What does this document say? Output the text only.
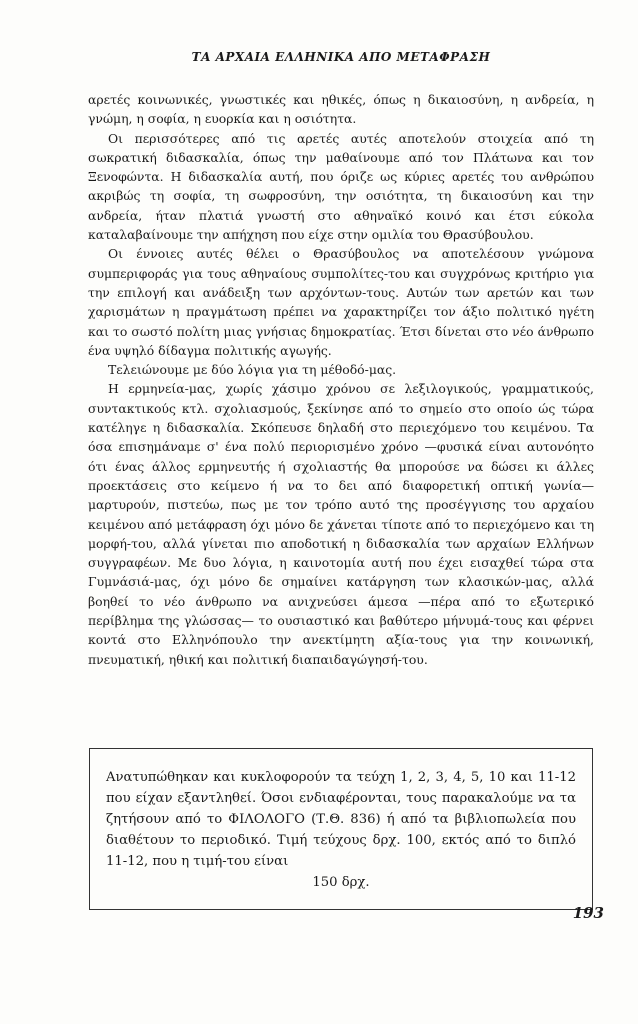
ΤΑ ΑΡΧΑΙΑ ΕΛΛΗΝΙΚΑ ΑΠΟ ΜΕΤΑΦΡΑΣΗ

αρετές κοινωνικές, γνωστικές και ηθικές, όπως η δικαιοσύνη, η ανδρεία, η γνώμη, η σοφία, η ευορκία και η οσιότητα.

Οι περισσότερες από τις αρετές αυτές αποτελούν στοιχεία από τη σωκρατική διδασκαλία, όπως την μαθαίνουμε από τον Πλάτωνα και τον Ξενοφώντα. Η διδασκαλία αυτή, που όριζε ως κύριες αρετές του ανθρώπου ακριβώς τη σοφία, τη σωφροσύνη, την οσιότητα, τη δικαιοσύνη και την ανδρεία, ήταν πλατιά γνωστή στο αθηναϊκό κοινό και έτσι εύκολα καταλαβαίνουμε την απήχηση που είχε στην ομιλία του Θρασύβουλου.

Οι έννοιες αυτές θέλει ο Θρασύβουλος να αποτελέσουν γνώμονα συμπεριφοράς για τους αθηναίους συμπολίτες-του και συγχρόνως κριτήριο για την επιλογή και ανάδειξη των αρχόντων-τους. Αυτών των αρετών και των χαρισμάτων η πραγμάτωση πρέπει να χαρακτηρίζει τον άξιο πολιτικό ηγέτη και το σωστό πολίτη μιας γνήσιας δημοκρατίας. Έτσι δίνεται στο νέο άνθρωπο ένα υψηλό δίδαγμα πολιτικής αγωγής.

Τελειώνουμε με δύο λόγια για τη μέθοδό-μας.

Η ερμηνεία-μας, χωρίς χάσιμο χρόνου σε λεξιλογικούς, γραμματικούς, συντακτικούς κτλ. σχολιασμούς, ξεκίνησε από το σημείο στο οποίο ώς τώρα κατέληγε η διδασκαλία. Σκόπευσε δηλαδή στο περιεχόμενο του κειμένου. Τα όσα επισημάναμε σ' ένα πολύ περιορισμένο χρόνο —φυσικά είναι αυτονόητο ότι ένας άλλος ερμηνευτής ή σχολιαστής θα μπορούσε να δώσει κι άλλες προεκτάσεις στο κείμενο ή να το δει από διαφορετική οπτική γωνία— μαρτυρούν, πιστεύω, πως με τον τρόπο αυτό της προσέγγισης του αρχαίου κειμένου από μετάφραση όχι μόνο δε χάνεται τίποτε από το περιεχόμενο και τη μορφή-του, αλλά γίνεται πιο αποδοτική η διδασκαλία των αρχαίων Ελλήνων συγγραφέων. Με δυο λόγια, η καινοτομία αυτή που έχει εισαχθεί τώρα στα Γυμνάσιά-μας, όχι μόνο δε σημαίνει κατάργηση των κλασικών-μας, αλλά βοηθεί το νέο άνθρωπο να ανιχνεύσει άμεσα —πέρα από το εξωτερικό περίβλημα της γλώσσας— το ουσιαστικό και βαθύτερο μήνυμά-τους και φέρνει κοντά στο Ελληνόπουλο την ανεκτίμητη αξία-τους για την κοινωνική, πνευματική, ηθική και πολιτική διαπαιδαγώγησή-του.

Ανατυπώθηκαν και κυκλοφορούν τα τεύχη 1, 2, 3, 4, 5, 10 και 11-12 που είχαν εξαντληθεί. Όσοι ενδιαφέρονται, τους παρακαλούμε να τα ζητήσουν από το ΦΙΛΟΛΟΓΟ (Τ.Θ. 836) ή από τα βιβλιοπωλεία που διαθέτουν το περιοδικό. Τιμή τεύχους δρχ. 100, εκτός από το διπλό 11-12, που η τιμή-του είναι
150 δρχ.

193
